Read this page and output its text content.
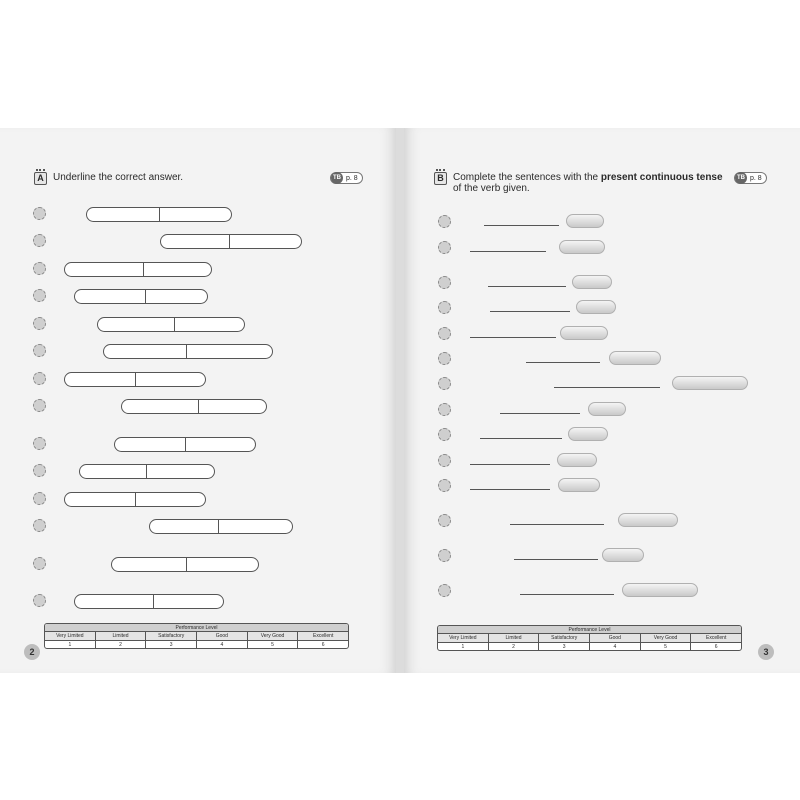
A Underline the correct answer.	TB p. 8
Performance Level
Very Limited	Limited	Satisfactory	Good	Very Good	Excellent
1	2	3	4	5	6
2
B Complete the sentences with the present continuous tense
of the verb given.
TB p. 8
Performance Level
Very Limited	Limited	Satisfactory	Good	Very Good	Excellent
1	2	3	4	5	6	3
